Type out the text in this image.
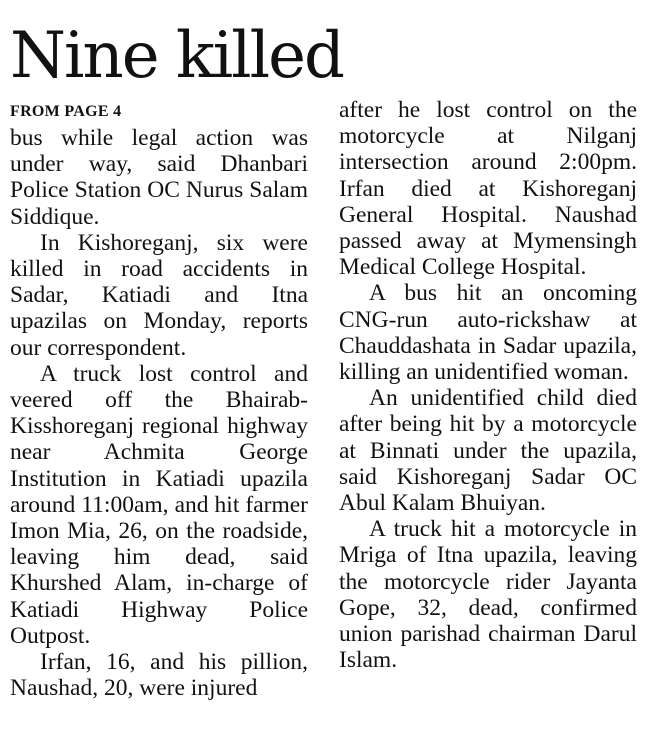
Nine killed
FROM PAGE 4

bus while legal action was under way, said Dhanbari Police Station OC Nurus Salam Siddique.

In Kishoreganj, six were killed in road accidents in Sadar, Katiadi and Itna upazilas on Monday, reports our correspondent.

A truck lost control and veered off the Bhairab-Kisshoreganj regional highway near Achmita George Institution in Katiadi upazila around 11:00am, and hit farmer Imon Mia, 26, on the roadside, leaving him dead, said Khurshed Alam, in-charge of Katiadi Highway Police Outpost.

Irfan, 16, and his pillion, Naushad, 20, were injured

after he lost control on the motorcycle at Nilganj intersection around 2:00pm. Irfan died at Kishoreganj General Hospital. Naushad passed away at Mymensingh Medical College Hospital.

A bus hit an oncoming CNG-run auto-rickshaw at Chauddashata in Sadar upazila, killing an unidentified woman.

An unidentified child died after being hit by a motorcycle at Binnati under the upazila, said Kishoreganj Sadar OC Abul Kalam Bhuiyan.

A truck hit a motorcycle in Mriga of Itna upazila, leaving the motorcycle rider Jayanta Gope, 32, dead, confirmed union parishad chairman Darul Islam.
